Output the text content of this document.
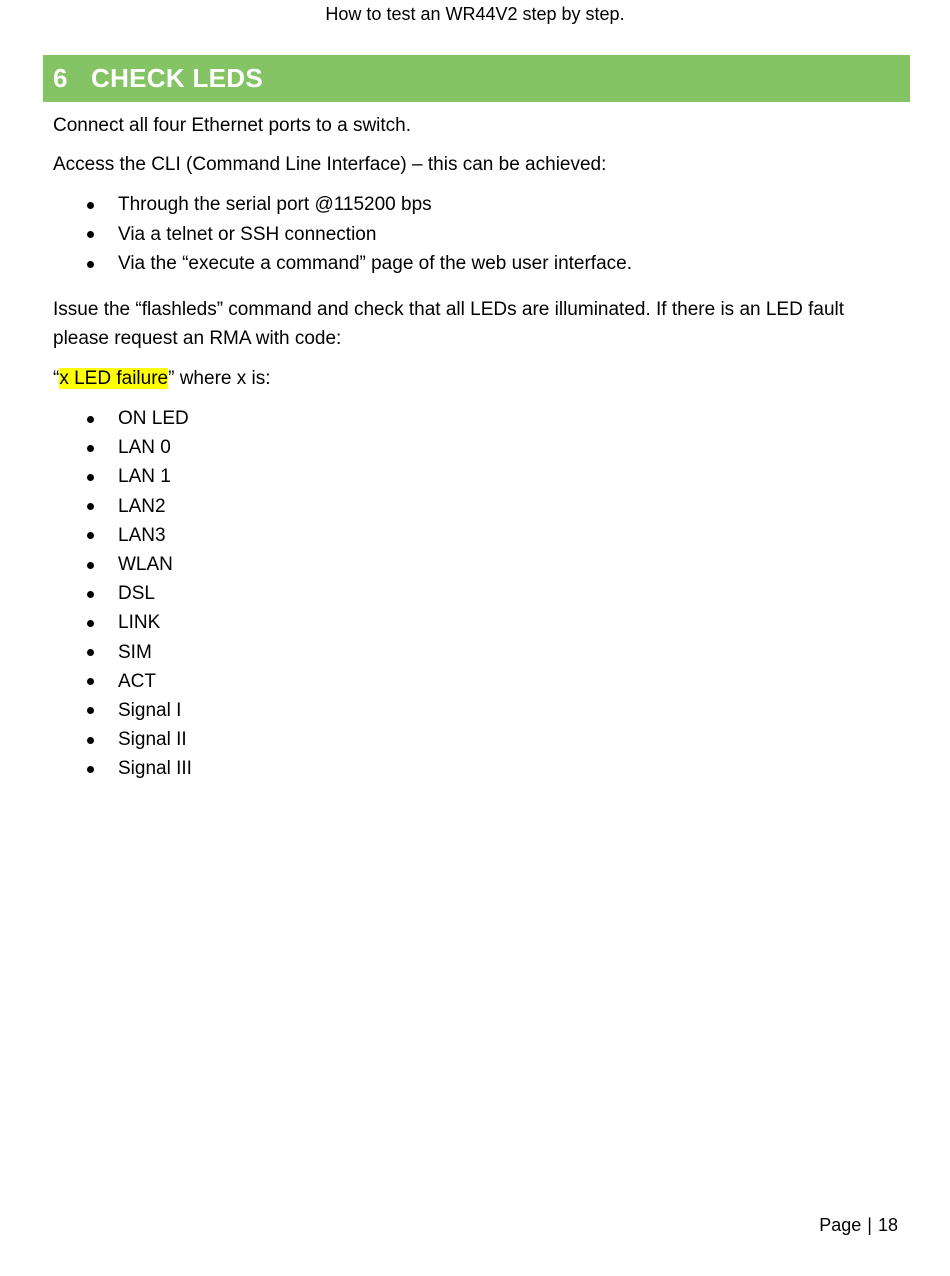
How to test an WR44V2 step by step.
6 CHECK LEDS

Connect all four Ethernet ports to a switch.

Access the CLI (Command Line Interface) – this can be achieved:

Through the serial port @115200 bps
Via a telnet or SSH connection
Via the “execute a command” page of the web user interface.

Issue the “flashleds” command and check that all LEDs are illuminated. If there is an LED fault please request an RMA with code:

“x LED failure” where x is:

ON LED
LAN 0
LAN 1
LAN2
LAN3
WLAN
DSL
LINK
SIM
ACT
Signal I
Signal II
Signal III
Page | 18
